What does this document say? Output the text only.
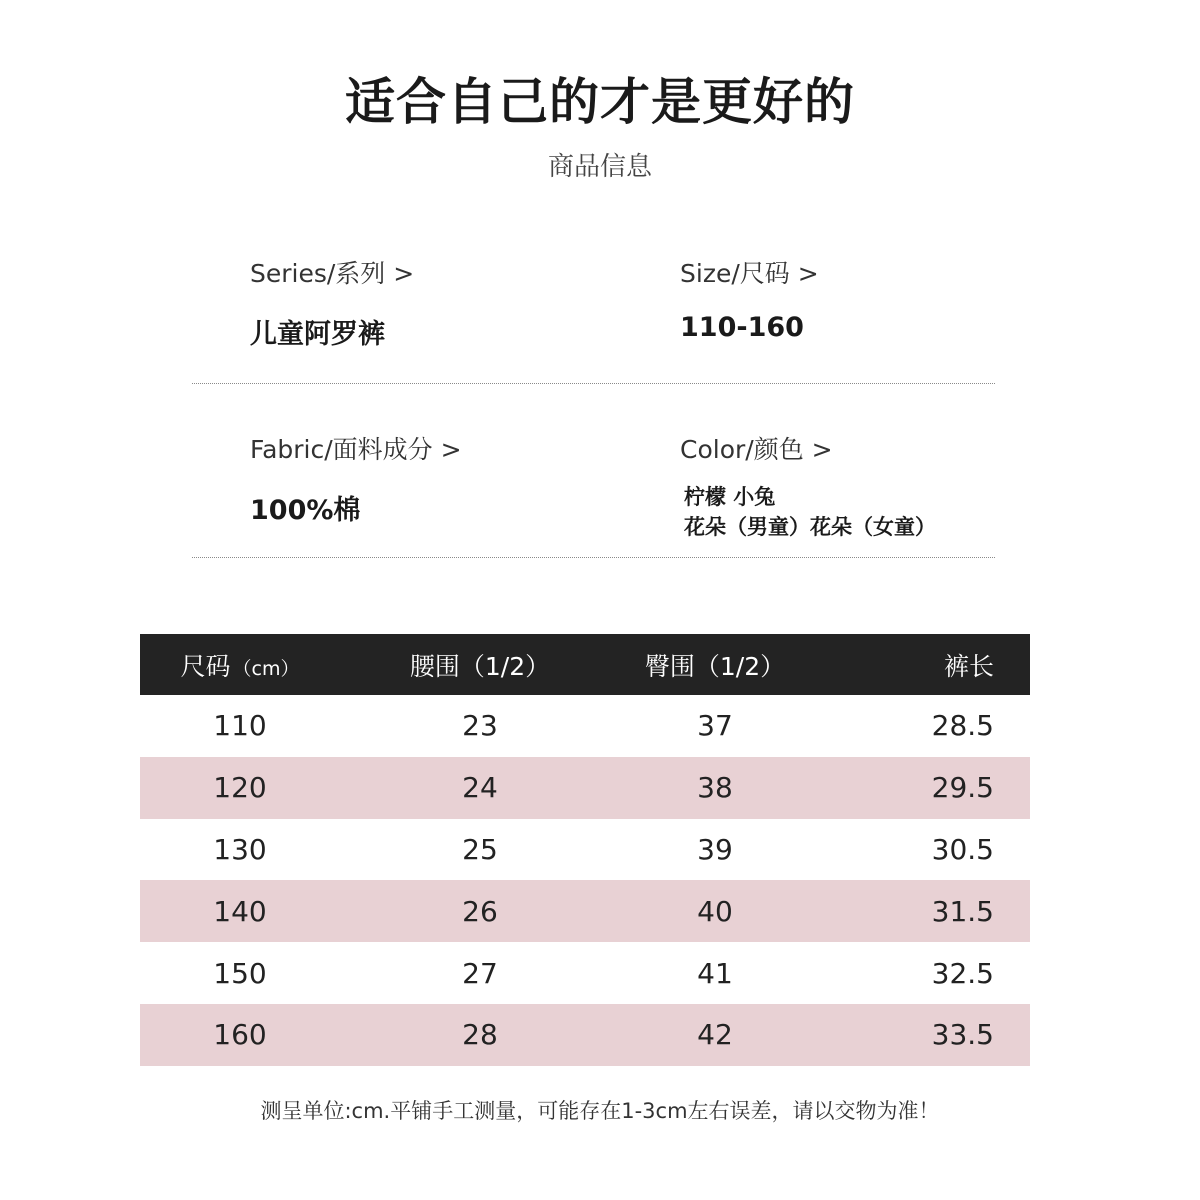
适合自己的才是更好的
商品信息
Series/系列 >
儿童阿罗裤
Size/尺码 >
110-160
Fabric/面料成分 >
100%棉
Color/颜色 >
柠檬 小兔
花朵（男童）花朵（女童）
尺码 （cm）	腰围（1/2）	臀围（1/2）	裤长
110	23	37	28.5
120	24	38	29.5
130	25	39	30.5
140	26	40	31.5
150	27	41	32.5
160	28	42	33.5
测呈单位:cm.平铺手工测量，可能存在1-3cm左右误差，请以交物为准！
